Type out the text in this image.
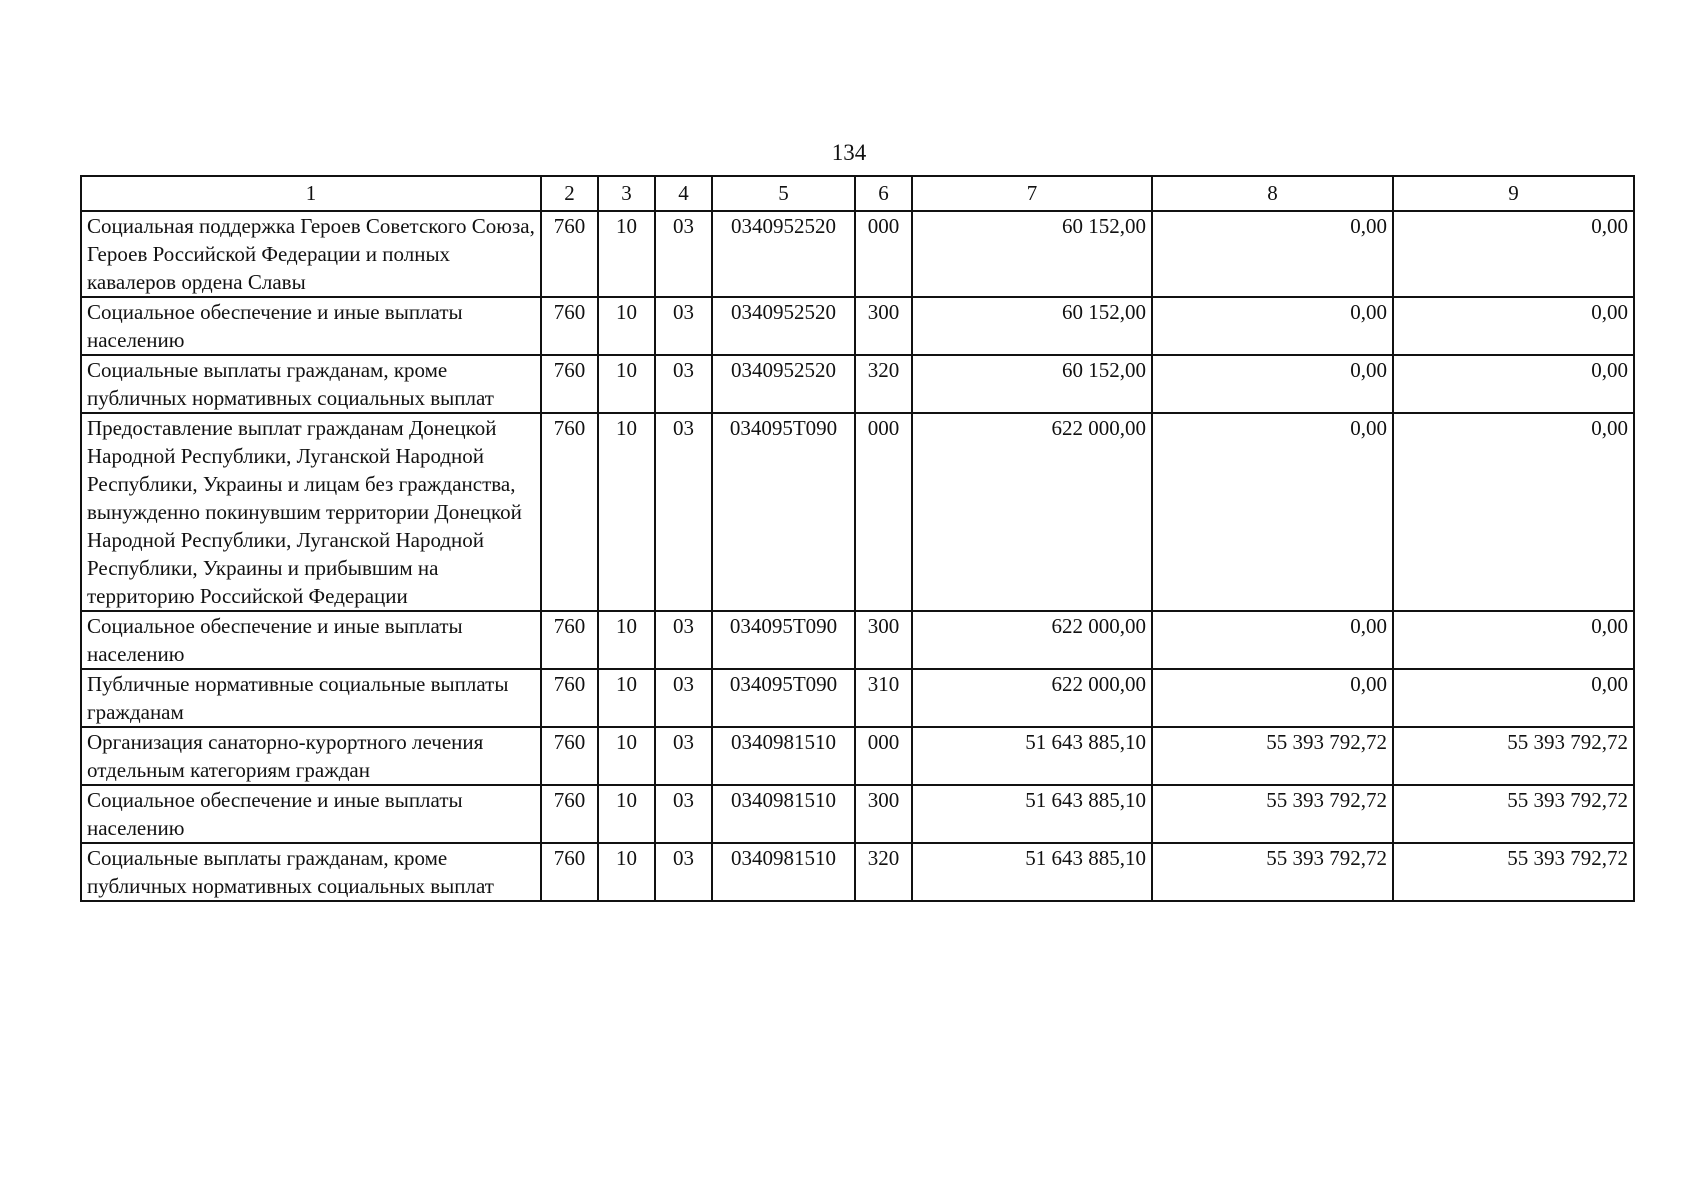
134
1	2	3	4	5	6	7	8	9
Социальная поддержка Героев Советского Союза, Героев Российской Федерации и полных кавалеров ордена Славы	760	10	03	0340952520	000	60 152,00	0,00	0,00
Социальное обеспечение и иные выплаты населению	760	10	03	0340952520	300	60 152,00	0,00	0,00
Социальные выплаты гражданам, кроме публичных нормативных социальных выплат	760	10	03	0340952520	320	60 152,00	0,00	0,00
Предоставление выплат гражданам Донецкой Народной Республики, Луганской Народной Республики, Украины и лицам без гражданства, вынужденно покинувшим территории Донецкой Народной Республики, Луганской Народной Республики, Украины и прибывшим на территорию Российской Федерации	760	10	03	034095Т090	000	622 000,00	0,00	0,00
Социальное обеспечение и иные выплаты населению	760	10	03	034095Т090	300	622 000,00	0,00	0,00
Публичные нормативные социальные выплаты гражданам	760	10	03	034095Т090	310	622 000,00	0,00	0,00
Организация санаторно-курортного лечения отдельным категориям граждан	760	10	03	0340981510	000	51 643 885,10	55 393 792,72	55 393 792,72
Социальное обеспечение и иные выплаты населению	760	10	03	0340981510	300	51 643 885,10	55 393 792,72	55 393 792,72
Социальные выплаты гражданам, кроме публичных нормативных социальных выплат	760	10	03	0340981510	320	51 643 885,10	55 393 792,72	55 393 792,72
